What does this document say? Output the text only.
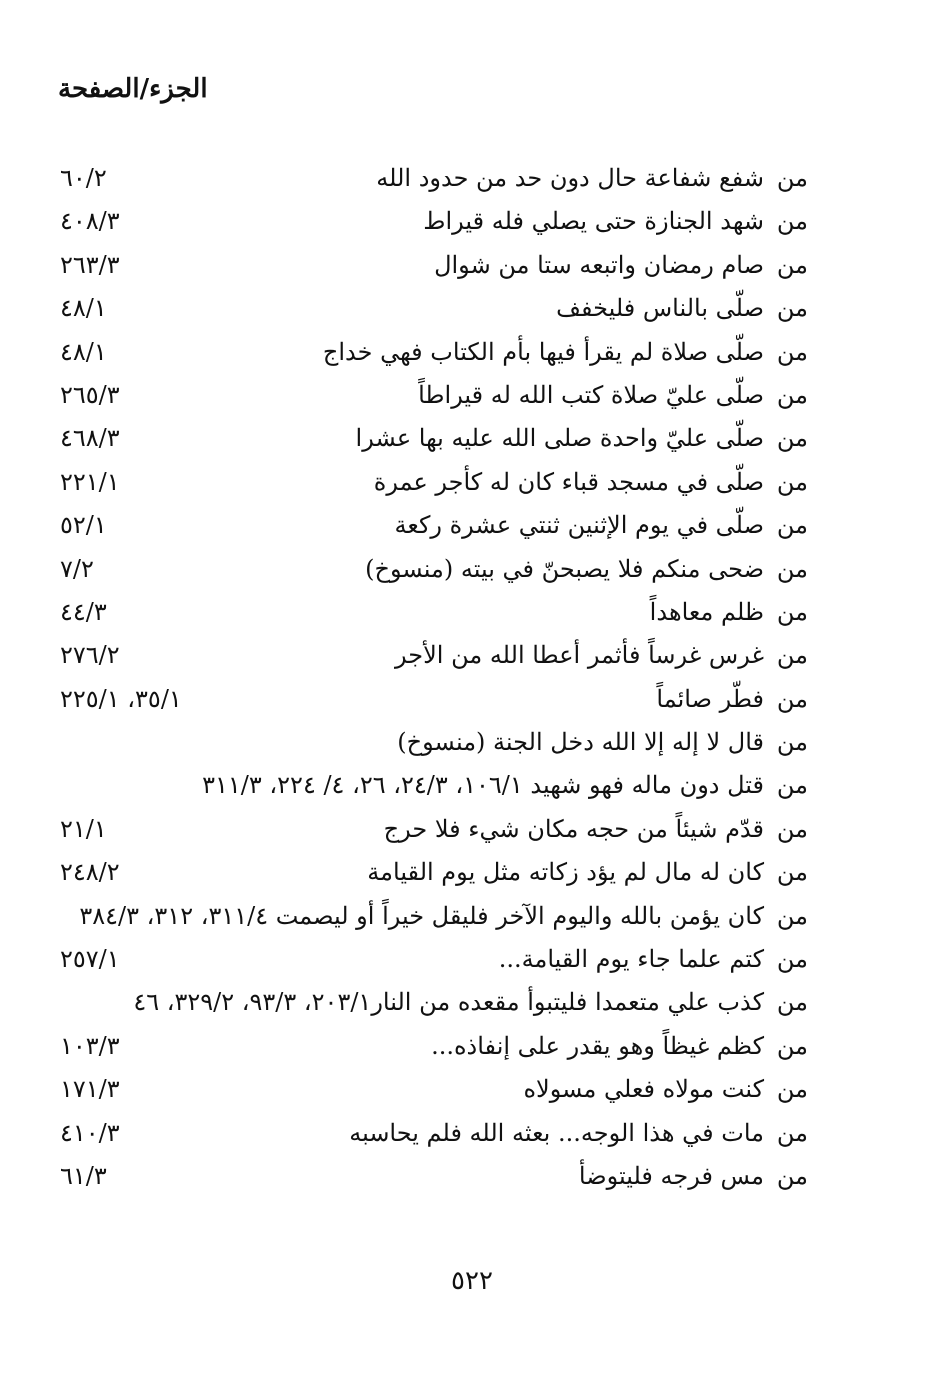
الجزء/الصفحة
من
شفع شفاعة حال دون حد من حدود الله
٦٠/٢
من
شهد الجنازة حتى يصلي فله قيراط
٤٠٨/٣
من
صام رمضان واتبعه ستا من شوال
٢٦٣/٣
من
صلّى بالناس فليخفف
٤٨/١
من
صلّى صلاة لم يقرأ فيها بأم الكتاب فهي خداج
٤٨/١
من
صلّى عليّ صلاة كتب الله له قيراطاً
٢٦٥/٣
من
صلّى عليّ واحدة صلى الله عليه بها عشرا
٤٦٨/٣
من
صلّى في مسجد قباء كان له كأجر عمرة
٢٢١/١
من
صلّى في يوم الإثنين ثنتي عشرة ركعة
٥٢/١
من
ضحى منكم فلا يصبحنّ في بيته (منسوخ)
٧/٢
من
ظلم معاهداً
٤٤/٣
من
غرس غرساً فأثمر أعطا الله من الأجر
٢٧٦/٢
من
فطّر صائماً
٣٥/١، ٢٢٥/١
من
قال لا إله إلا الله دخل الجنة (منسوخ)
من
قتل دون ماله فهو شهيد ١٠٦/١، ٢٤/٣، ٢٦، ٤/ ٢٢٤، ٣١١/٣
من
قدّم شيئاً من حجه مكان شيء فلا حرج
٢١/١
من
كان له مال لم يؤد زكاته مثل يوم القيامة
٢٤٨/٢
من
كان يؤمن بالله واليوم الآخر فليقل خيراً أو ليصمت ٣١١/٤، ٣١٢، ٣٨٤/٣
من
كتم علما جاء يوم القيامة...
٢٥٧/١
من
كذب علي متعمدا فليتبوأ مقعده من النار٢٠٣/١، ٩٣/٣، ٣٢٩/٢، ٤٦
من
كظم غيظاً وهو يقدر على إنفاذه...
١٠٣/٣
من
كنت مولاه فعلي مسولاه
١٧١/٣
من
مات في هذا الوجه... بعثه الله فلم يحاسبه
٤١٠/٣
من
مس فرجه فليتوضأ
٦١/٣
٥٢٢
